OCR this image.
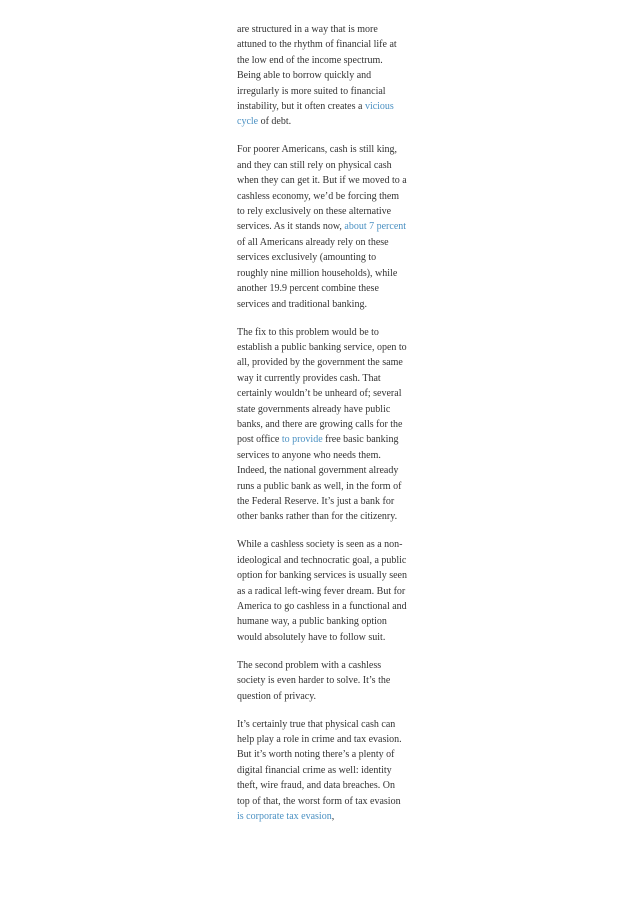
are structured in a way that is more attuned to the rhythm of financial life at the low end of the income spectrum. Being able to borrow quickly and irregularly is more suited to financial instability, but it often creates a vicious cycle of debt.

For poorer Americans, cash is still king, and they can still rely on physical cash when they can get it. But if we moved to a cashless economy, we’d be forcing them to rely exclusively on these alternative services. As it stands now, about 7 percent of all Americans already rely on these services exclusively (amounting to roughly nine million households), while another 19.9 percent combine these services and traditional banking.

The fix to this problem would be to establish a public banking service, open to all, provided by the government the same way it currently provides cash. That certainly wouldn’t be unheard of; several state governments already have public banks, and there are growing calls for the post office to provide free basic banking services to anyone who needs them. Indeed, the national government already runs a public bank as well, in the form of the Federal Reserve. It’s just a bank for other banks rather than for the citizenry.

While a cashless society is seen as a non-ideological and technocratic goal, a public option for banking services is usually seen as a radical left-wing fever dream. But for America to go cashless in a functional and humane way, a public banking option would absolutely have to follow suit.

The second problem with a cashless society is even harder to solve. It’s the question of privacy.

It’s certainly true that physical cash can help play a role in crime and tax evasion. But it’s worth noting there’s a plenty of digital financial crime as well: identity theft, wire fraud, and data breaches. On top of that, the worst form of tax evasion is corporate tax evasion,
